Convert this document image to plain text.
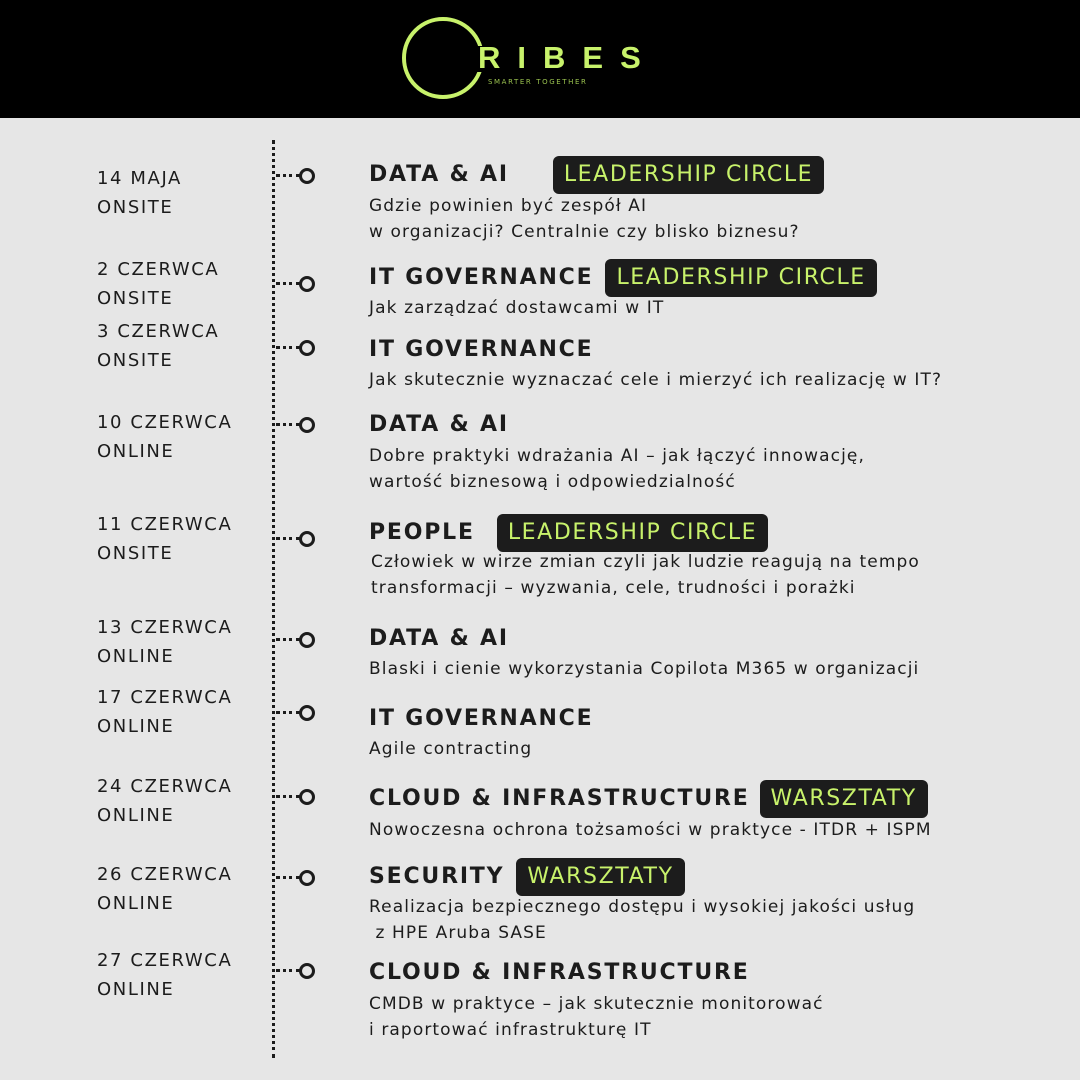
RIBES
SMARTER TOGETHER
14 MAJA
ONSITE
DATA & AI	LEADERSHIP CIRCLE
Gdzie powinien być zespół AI
w organizacji? Centralnie czy blisko biznesu?
2 CZERWCA
ONSITE
IT GOVERNANCE	LEADERSHIP CIRCLE
Jak zarządzać dostawcami w IT
3 CZERWCA
ONSITE	IT GOVERNANCE
Jak skutecznie wyznaczać cele i mierzyć ich realizację w IT?
10 CZERWCA
ONLINE
DATA & AI
Dobre praktyki wdrażania AI – jak łączyć innowację,
wartość biznesową i odpowiedzialność
11 CZERWCA
ONSITE
PEOPLE	LEADERSHIP CIRCLE
Człowiek w wirze zmian czyli jak ludzie reagują na tempo
transformacji – wyzwania, cele, trudności i porażki
13 CZERWCA
ONLINE
DATA & AI
Blaski i cienie wykorzystania Copilota M365 w organizacji
17 CZERWCA
ONLINE	IT GOVERNANCE
Agile contracting
24 CZERWCA
ONLINE
CLOUD & INFRASTRUCTURE WARSZTATY
Nowoczesna ochrona tożsamości w praktyce - ITDR + ISPM
26 CZERWCA
ONLINE
SECURITY	WARSZTATY
Realizacja bezpiecznego dostępu i wysokiej jakości usług
z HPE Aruba SASE
27 CZERWCA
ONLINE
CLOUD & INFRASTRUCTURE
CMDB w praktyce – jak skutecznie monitorować
i raportować infrastrukturę IT
